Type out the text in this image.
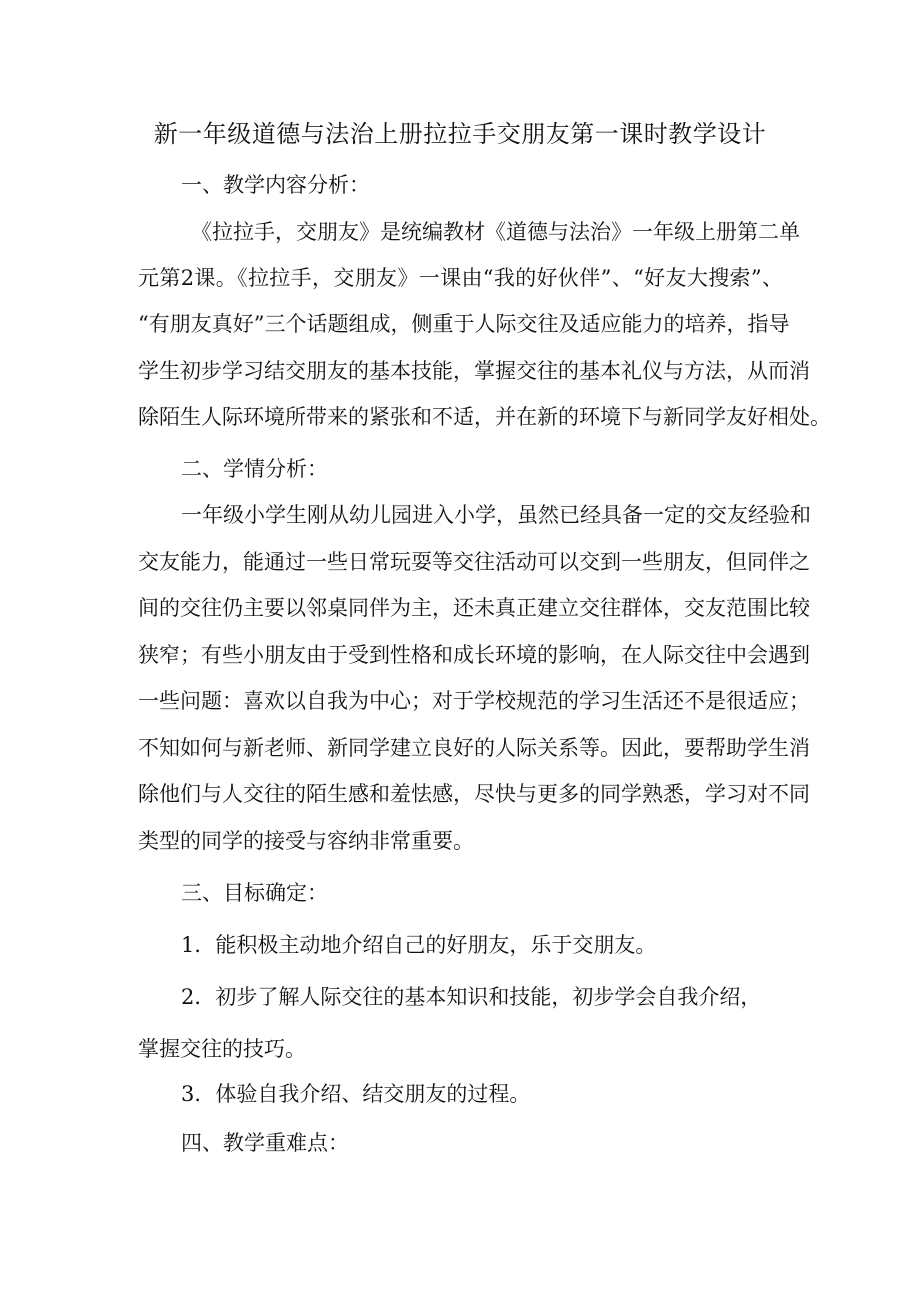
新一年级道德与法治上册拉拉手交朋友第一课时教学设计
一、教学内容分析：
《拉拉手，交朋友》是统编教材《道德与法治》一年级上册第二单
元第2课。《拉拉手，交朋友》一课由“我的好伙伴”、“好友大搜索”、
“有朋友真好”三个话题组成，侧重于人际交往及适应能力的培养，指导
学生初步学习结交朋友的基本技能，掌握交往的基本礼仪与方法，从而消
除陌生人际环境所带来的紧张和不适，并在新的环境下与新同学友好相处。
二、学情分析：
一年级小学生刚从幼儿园进入小学，虽然已经具备一定的交友经验和
交友能力，能通过一些日常玩耍等交往活动可以交到一些朋友，但同伴之
间的交往仍主要以邻桌同伴为主，还未真正建立交往群体，交友范围比较
狭窄；有些小朋友由于受到性格和成长环境的影响，在人际交往中会遇到
一些问题：喜欢以自我为中心；对于学校规范的学习生活还不是很适应；
不知如何与新老师、新同学建立良好的人际关系等。因此，要帮助学生消
除他们与人交往的陌生感和羞怯感，尽快与更多的同学熟悉，学习对不同
类型的同学的接受与容纳非常重要。
三、目标确定：
1．能积极主动地介绍自己的好朋友，乐于交朋友。
2．初步了解人际交往的基本知识和技能，初步学会自我介绍，
掌握交往的技巧。
3．体验自我介绍、结交朋友的过程。
四、教学重难点：
